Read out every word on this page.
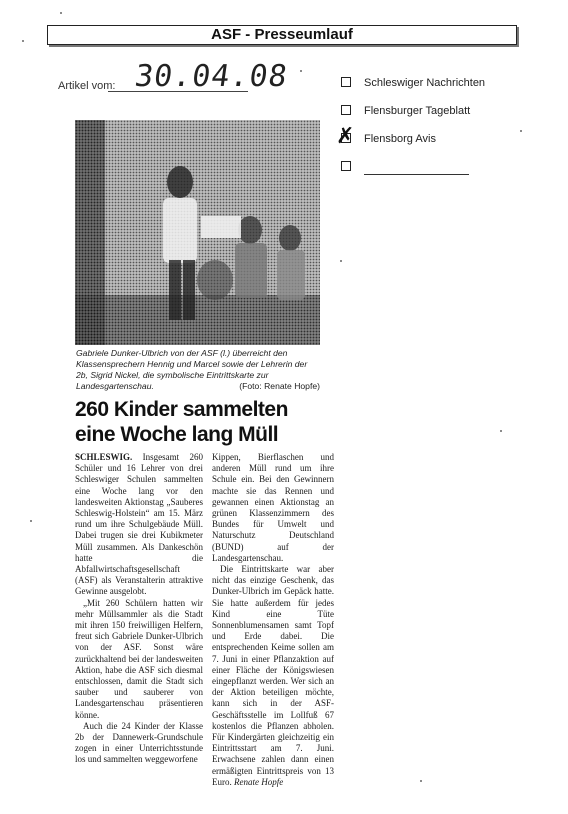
ASF - Presseumlauf
Artikel vom: 30.04.08	Schleswiger Nachrichten
Flensburger Tageblatt
✗ Flensborg Avis
Gabriele Dunker-Ulbrich von der ASF (l.) überreicht den Klassensprechern Hennig und Marcel sowie der Lehrerin der 2b, Sigrid Nickel, die symbolische Eintrittskarte zur Landesgartenschau.	(Foto: Renate Hopfe)
260 Kinder sammelten eine Woche lang Müll

SCHLESWIG. Insgesamt 260 Schüler und 16 Lehrer von drei Schleswiger Schulen sammelten eine Woche lang vor den landesweiten Aktionstag „Sauberes Schleswig-Holstein“ am 15. März rund um ihre Schulgebäude Müll. Dabei trugen sie drei Kubikmeter Müll zusammen. Als Dankeschön hatte die Abfallwirtschaftsgesellschaft (ASF) als Veranstalterin attraktive Gewinne ausgelobt.

„Mit 260 Schülern hatten wir mehr Müllsammler als die Stadt mit ihren 150 freiwilligen Helfern, freut sich Gabriele Dunker-Ulbrich von der ASF. Sonst wäre zurückhaltend bei der landesweiten Aktion, habe die ASF sich diesmal entschlossen, damit die Stadt sich sauber und sauberer von Landesgartenschau präsentieren könne.

Auch die 24 Kinder der Klasse 2b der Dannewerk-Grundschule zogen in einer Unterrichtsstunde los und sammelten weggeworfene

Kippen, Bierflaschen und anderen Müll rund um ihre Schule ein. Bei den Gewinnern machte sie das Rennen und gewannen einen Aktionstag an grünen Klassenzimmern des Bundes für Umwelt und Naturschutz Deutschland (BUND) auf der Landesgartenschau.

Die Eintrittskarte war aber nicht das einzige Geschenk, das Dunker-Ulbrich im Gepäck hatte. Sie hatte außerdem für jedes Kind eine Tüte Sonnenblumensamen samt Topf und Erde dabei. Die entsprechenden Keime sollen am 7. Juni in einer Pflanzaktion auf einer Fläche der Königswiesen eingepflanzt werden. Wer sich an der Aktion beteiligen möchte, kann sich in der ASF-Geschäftsstelle im Lollfuß 67 kostenlos die Pflanzen abholen. Für Kindergärten gleichzeitig ein Eintrittsstart am 7. Juni. Erwachsene zahlen dann einen ermäßigten Eintrittspreis von 13 Euro. Renate Hopfe
